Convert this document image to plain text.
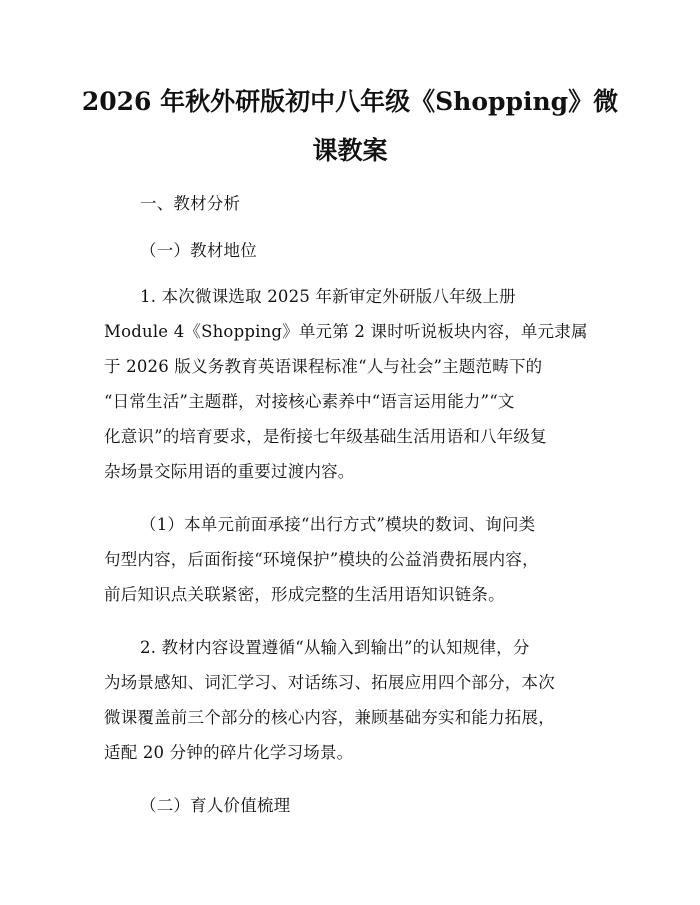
2026 年秋外研版初中八年级《Shopping》微
课教案
一、教材分析
（一）教材地位
1. 本次微课选取 2025 年新审定外研版八年级上册
Module 4《Shopping》单元第 2 课时听说板块内容，单元隶属
于 2026 版义务教育英语课程标准“人与社会”主题范畴下的
“日常生活”主题群，对接核心素养中“语言运用能力”“文
化意识”的培育要求，是衔接七年级基础生活用语和八年级复
杂场景交际用语的重要过渡内容。
（1）本单元前面承接“出行方式”模块的数词、询问类
句型内容，后面衔接“环境保护”模块的公益消费拓展内容，
前后知识点关联紧密，形成完整的生活用语知识链条。
2. 教材内容设置遵循“从输入到输出”的认知规律，分
为场景感知、词汇学习、对话练习、拓展应用四个部分，本次
微课覆盖前三个部分的核心内容，兼顾基础夯实和能力拓展，
适配 20 分钟的碎片化学习场景。
（二）育人价值梳理
